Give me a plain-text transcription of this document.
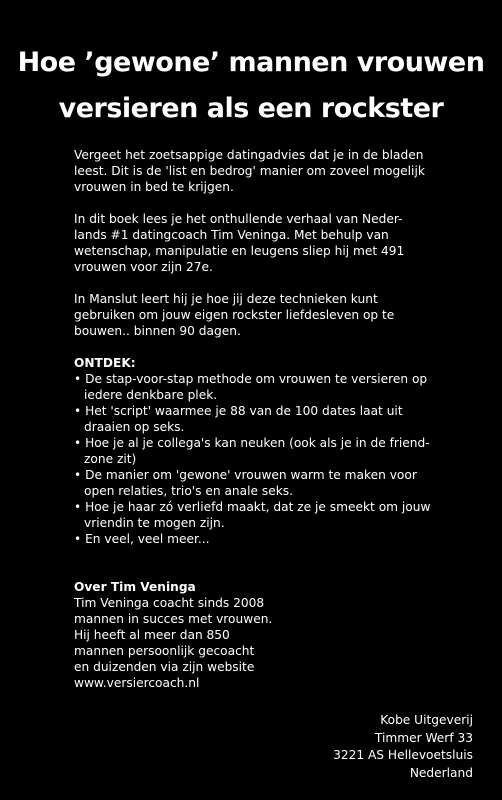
Hoe ’gewone’ mannen vrouwen
versieren als een rockster

Vergeet het zoetsappige datingadvies dat je in de bladen
leest. Dit is de 'list en bedrog' manier om zoveel mogelijk
vrouwen in bed te krijgen.

In dit boek lees je het onthullende verhaal van Neder-
lands #1 datingcoach Tim Veninga. Met behulp van
wetenschap, manipulatie en leugens sliep hij met 491
vrouwen voor zijn 27e.

In Manslut leert hij je hoe jij deze technieken kunt
gebruiken om jouw eigen rockster liefdesleven op te
bouwen.. binnen 90 dagen.

ONTDEK:
• De stap-voor-stap methode om vrouwen te versieren op
iedere denkbare plek.
• Het 'script' waarmee je 88 van de 100 dates laat uit
draaien op seks.
• Hoe je al je collega's kan neuken (ook als je in de friend-
zone zit)
• De manier om 'gewone' vrouwen warm te maken voor
open relaties, trio's en anale seks.
• Hoe je haar zó verliefd maakt, dat ze je smeekt om jouw
vriendin te mogen zijn.
• En veel, veel meer...
Over Tim Veninga
Tim Veninga coacht sinds 2008
mannen in succes met vrouwen.
Hij heeft al meer dan 850
mannen persoonlijk gecoacht
en duizenden via zijn website
www.versiercoach.nl
Kobe Uitgeverij
Timmer Werf 33
3221 AS Hellevoetsluis
Nederland
